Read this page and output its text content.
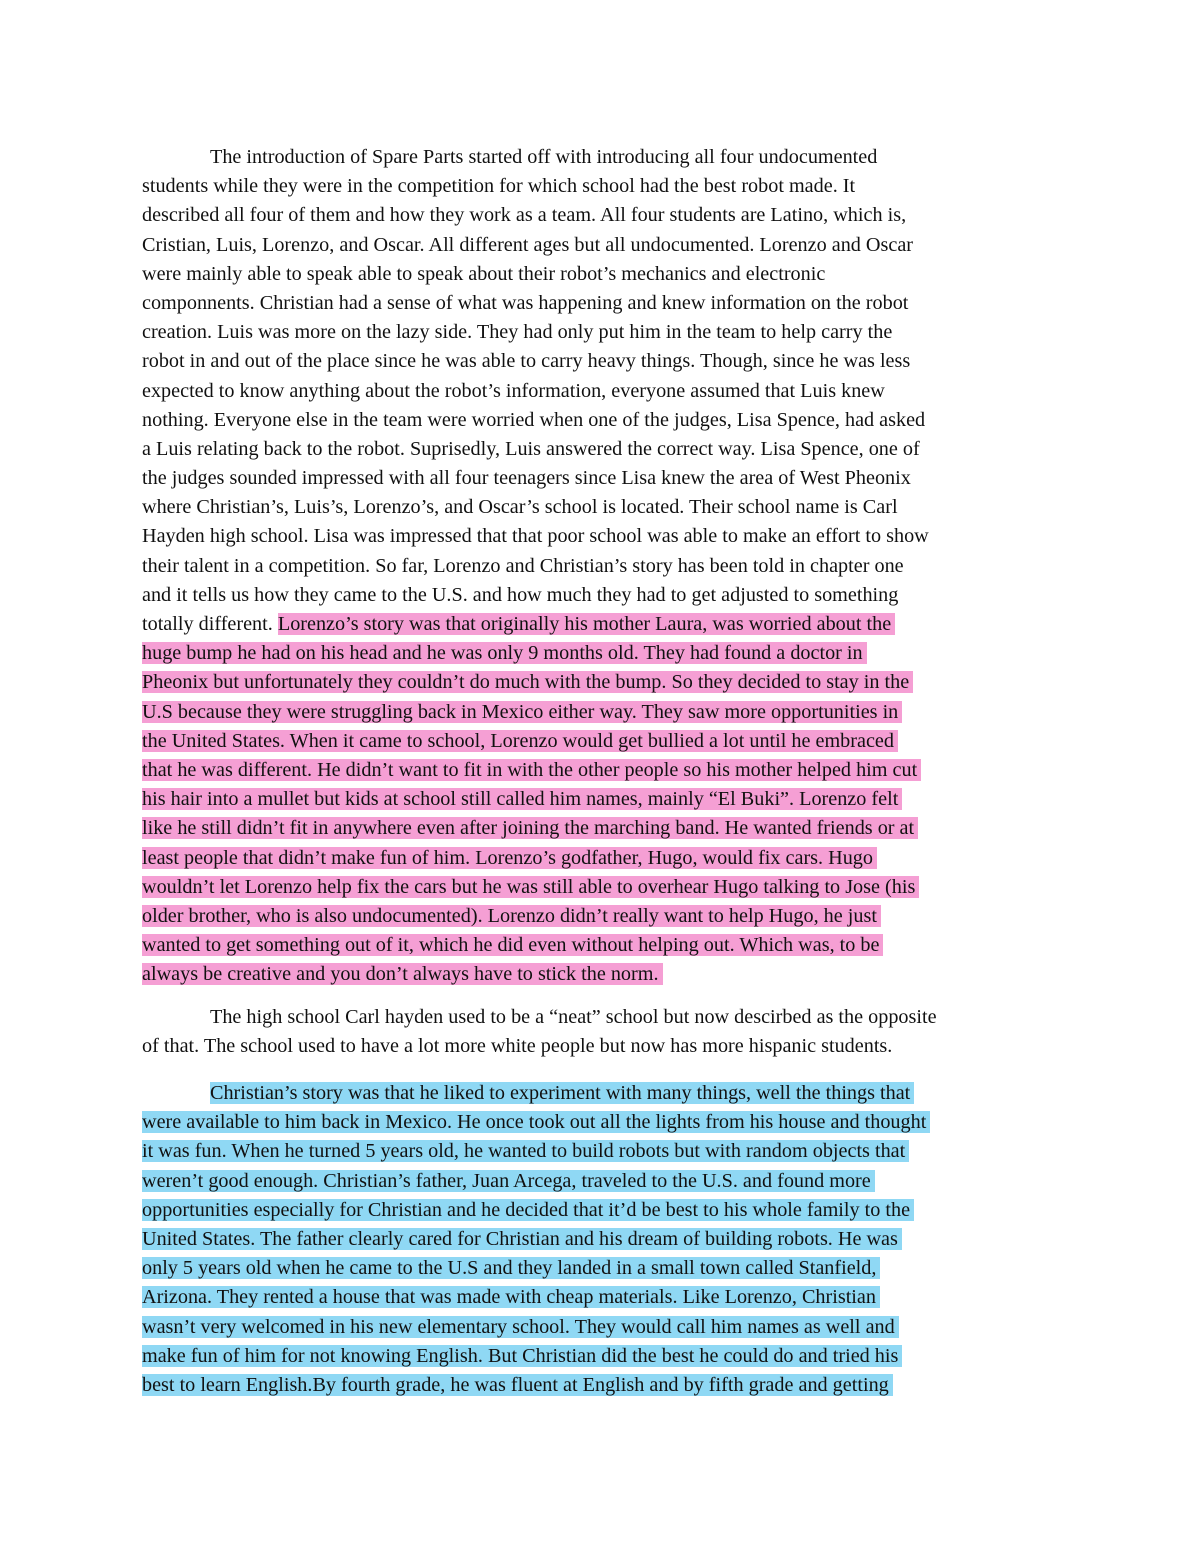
The introduction of Spare Parts started off with introducing all four undocumented
students while they were in the competition for which school had the best robot made. It
described all four of them and how they work as a team. All four students are Latino, which is,
Cristian, Luis, Lorenzo, and Oscar. All different ages but all undocumented. Lorenzo and Oscar
were mainly able to speak able to speak about their robot’s mechanics and electronic
componnents. Christian had a sense of what was happening and knew information on the robot
creation. Luis was more on the lazy side. They had only put him in the team to help carry the
robot in and out of the place since he was able to carry heavy things. Though, since he was less
expected to know anything about the robot’s information, everyone assumed that Luis knew
nothing. Everyone else in the team were worried when one of the judges, Lisa Spence, had asked
a Luis relating back to the robot. Suprisedly, Luis answered the correct way. Lisa Spence, one of
the judges sounded impressed with all four teenagers since Lisa knew the area of West Pheonix
where Christian’s, Luis’s, Lorenzo’s, and Oscar’s school is located. Their school name is Carl
Hayden high school. Lisa was impressed that that poor school was able to make an effort to show
their talent in a competition. So far, Lorenzo and Christian’s story has been told in chapter one
and it tells us how they came to the U.S. and how much they had to get adjusted to something
totally different. Lorenzo’s story was that originally his mother Laura, was worried about the
huge bump he had on his head and he was only 9 months old. They had found a doctor in
Pheonix but unfortunately they couldn’t do much with the bump. So they decided to stay in the
U.S because they were struggling back in Mexico either way. They saw more opportunities in
the United States. When it came to school, Lorenzo would get bullied a lot until he embraced
that he was different. He didn’t want to fit in with the other people so his mother helped him cut
his hair into a mullet but kids at school still called him names, mainly “El Buki”. Lorenzo felt
like he still didn’t fit in anywhere even after joining the marching band. He wanted friends or at
least people that didn’t make fun of him. Lorenzo’s godfather, Hugo, would fix cars. Hugo
wouldn’t let Lorenzo help fix the cars but he was still able to overhear Hugo talking to Jose (his
older brother, who is also undocumented). Lorenzo didn’t really want to help Hugo, he just
wanted to get something out of it, which he did even without helping out. Which was, to be
always be creative and you don’t always have to stick the norm.
The high school Carl hayden used to be a “neat” school but now descirbed as the opposite
of that. The school used to have a lot more white people but now has more hispanic students.
Christian’s story was that he liked to experiment with many things, well the things that
were available to him back in Mexico. He once took out all the lights from his house and thought
it was fun. When he turned 5 years old, he wanted to build robots but with random objects that
weren’t good enough. Christian’s father, Juan Arcega, traveled to the U.S. and found more
opportunities especially for Christian and he decided that it’d be best to his whole family to the
United States. The father clearly cared for Christian and his dream of building robots. He was
only 5 years old when he came to the U.S and they landed in a small town called Stanfield,
Arizona. They rented a house that was made with cheap materials. Like Lorenzo, Christian
wasn’t very welcomed in his new elementary school. They would call him names as well and
make fun of him for not knowing English. But Christian did the best he could do and tried his
best to learn English.By fourth grade, he was fluent at English and by fifth grade and getting
